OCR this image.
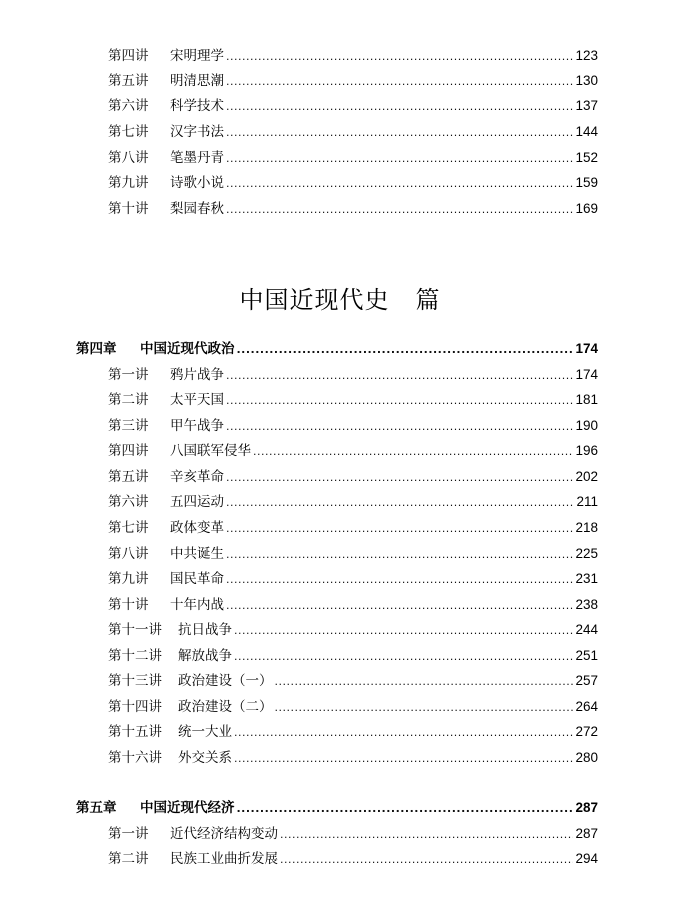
第四讲	宋明理学 .....	123
第五讲	明清思潮 .....	130
第六讲	科学技术 .....	137
第七讲	汉字书法 .....	144
第八讲	笔墨丹青 .....	152
第九讲	诗歌小说 .....	159
第十讲	梨园春秋 .....	169
中国近现代史 篇
第四章	中国近现代政治 .....	174
第一讲	鸦片战争 .....	174
第二讲	太平天国 .....	181
第三讲	甲午战争 .....	190
第四讲	八国联军侵华 .....	196
第五讲	辛亥革命 .....	202
第六讲	五四运动 .....	211
第七讲	政体变革 .....	218
第八讲	中共诞生 .....	225
第九讲	国民革命 .....	231
第十讲	十年内战 .....	238
第十一讲	抗日战争 .....	244
第十二讲	解放战争 .....	251
第十三讲	政治建设（一） .....	257
第十四讲	政治建设（二） .....	264
第十五讲	统一大业 .....	272
第十六讲	外交关系 .....	280
第五章	中国近现代经济 .....	287
第一讲	近代经济结构变动 .....	287
第二讲	民族工业曲折发展 .....	294
